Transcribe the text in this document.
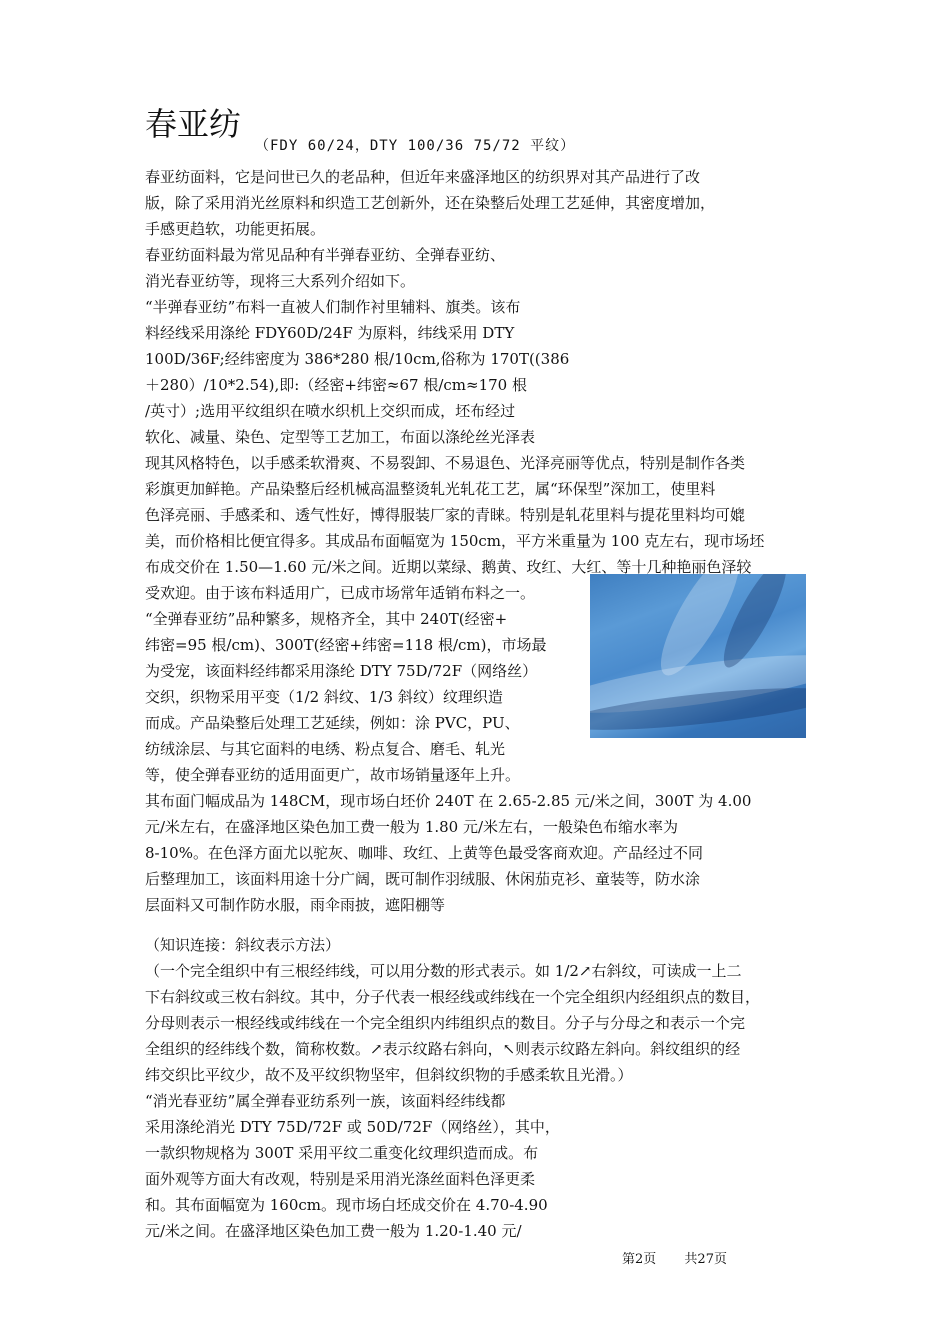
春亚纺
（FDY 60/24，DTY 100/36 75/72 平纹）
春亚纺面料，它是问世已久的老品种，但近年来盛泽地区的纺织界对其产品进行了改
版，除了采用消光丝原料和织造工艺创新外，还在染整后处理工艺延伸，其密度增加，
手感更趋软，功能更拓展。
春亚纺面料最为常见品种有半弹春亚纺、全弹春亚纺、
消光春亚纺等，现将三大系列介绍如下。
“半弹春亚纺”布料一直被人们制作衬里辅料、旗类。该布
料经线采用涤纶 FDY60D/24F 为原料，纬线采用 DTY
100D/36F;经纬密度为 386*280 根/10cm,俗称为 170T((386
＋280）/10*2.54),即:（经密+纬密≈67 根/cm≈170 根
/英寸）;选用平纹组织在喷水织机上交织而成，坯布经过
软化、减量、染色、定型等工艺加工，布面以涤纶丝光泽表
现其风格特色，以手感柔软滑爽、不易裂卸、不易退色、光泽亮丽等优点，特别是制作各类
彩旗更加鲜艳。产品染整后经机械高温整烫轧光轧花工艺，属“环保型”深加工，使里料
色泽亮丽、手感柔和、透气性好，博得服装厂家的青睐。特别是轧花里料与提花里料均可媲
美，而价格相比便宜得多。其成品布面幅宽为 150cm，平方米重量为 100 克左右，现市场坯
布成交价在 1.50—1.60 元/米之间。近期以菜绿、鹅黄、玫红、大红、等十几种艳丽色泽较
受欢迎。由于该布料适用广，已成市场常年适销布料之一。
“全弹春亚纺”品种繁多，规格齐全，其中 240T(经密+
纬密=95 根/cm)、300T(经密+纬密=118 根/cm)，市场最
为受宠，该面料经纬都采用涤纶 DTY 75D/72F（网络丝）
交织，织物采用平变（1/2 斜纹、1/3 斜纹）纹理织造
而成。产品染整后处理工艺延续，例如：涂 PVC，PU、
纺绒涂层、与其它面料的电绣、粉点复合、磨毛、轧光
等，使全弹春亚纺的适用面更广，故市场销量逐年上升。
其布面门幅成品为 148CM，现市场白坯价 240T 在 2.65-2.85 元/米之间，300T 为 4.00
元/米左右，在盛泽地区染色加工费一般为 1.80 元/米左右，一般染色布缩水率为
8-10%。在色泽方面尤以驼灰、咖啡、玫红、上黄等色最受客商欢迎。产品经过不同
后整理加工，该面料用途十分广阔，既可制作羽绒服、休闲茄克衫、童装等，防水涂
层面料又可制作防水服，雨伞雨披，遮阳棚等
（知识连接：斜纹表示方法）
（一个完全组织中有三根经纬线，可以用分数的形式表示。如 1/2↗右斜纹，可读成一上二
下右斜纹或三枚右斜纹。其中，分子代表一根经线或纬线在一个完全组织内经组织点的数目，
分母则表示一根经线或纬线在一个完全组织内纬组织点的数目。分子与分母之和表示一个完
全组织的经纬线个数，简称枚数。↗表示纹路右斜向，↖则表示纹路左斜向。斜纹组织的经
纬交织比平纹少，故不及平纹织物坚牢，但斜纹织物的手感柔软且光滑。）
“消光春亚纺”属全弹春亚纺系列一族，该面料经纬线都
采用涤纶消光 DTY 75D/72F 或 50D/72F（网络丝），其中，
一款织物规格为 300T 采用平纹二重变化纹理织造而成。布
面外观等方面大有改观，特别是采用消光涤丝面料色泽更柔
和。其布面幅宽为 160cm。现市场白坯成交价在 4.70-4.90
元/米之间。在盛泽地区染色加工费一般为 1.20-1.40 元/
第2页 共27页
